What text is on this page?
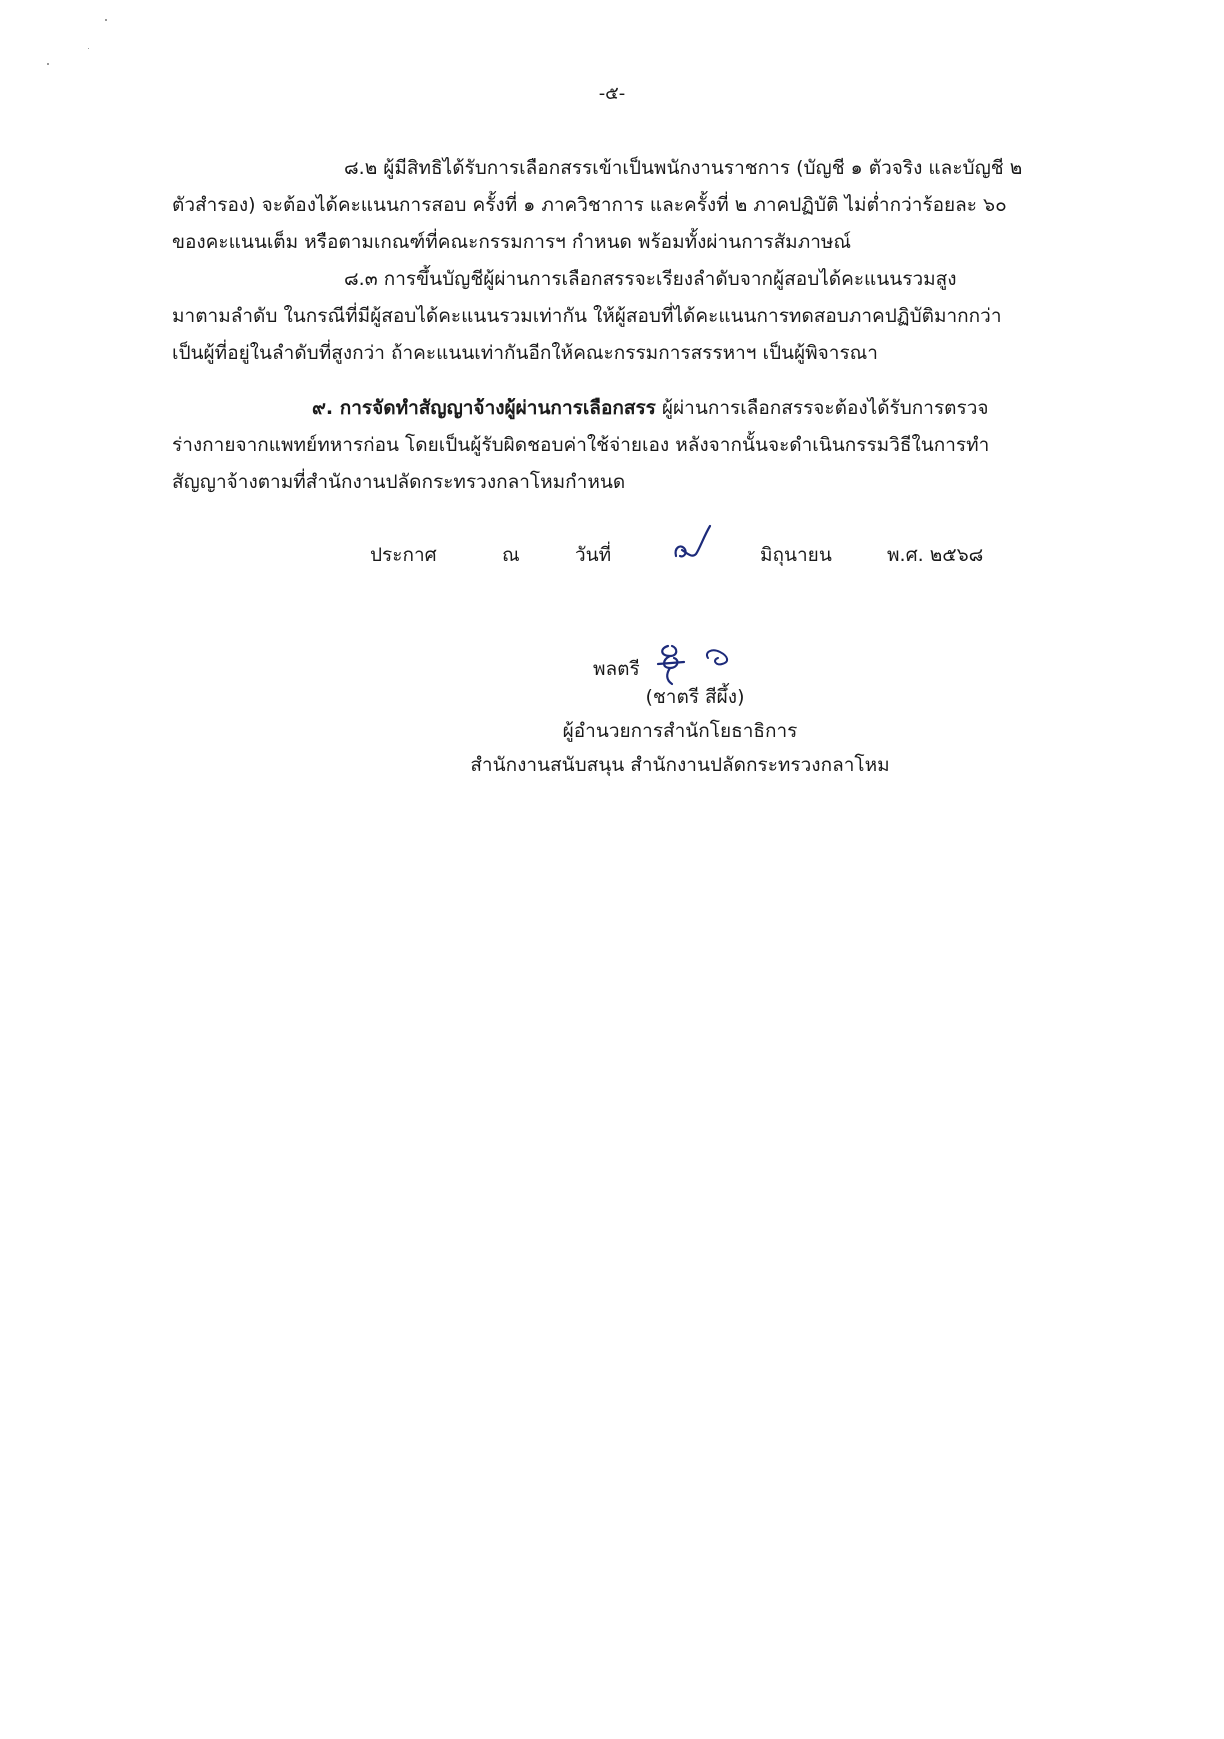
-๕-

๘.๒ ผู้มีสิทธิได้รับการเลือกสรรเข้าเป็นพนักงานราชการ (บัญชี ๑ ตัวจริง และบัญชี ๒
ตัวสำรอง) จะต้องได้คะแนนการสอบ ครั้งที่ ๑ ภาควิชาการ และครั้งที่ ๒ ภาคปฏิบัติ ไม่ต่ำกว่าร้อยละ ๖๐
ของคะแนนเต็ม หรือตามเกณฑ์ที่คณะกรรมการฯ กำหนด พร้อมทั้งผ่านการสัมภาษณ์

๘.๓ การขึ้นบัญชีผู้ผ่านการเลือกสรรจะเรียงลำดับจากผู้สอบได้คะแนนรวมสูง
มาตามลำดับ ในกรณีที่มีผู้สอบได้คะแนนรวมเท่ากัน ให้ผู้สอบที่ได้คะแนนการทดสอบภาคปฏิบัติมากกว่า
เป็นผู้ที่อยู่ในลำดับที่สูงกว่า ถ้าคะแนนเท่ากันอีกให้คณะกรรมการสรรหาฯ เป็นผู้พิจารณา

๙. การจัดทำสัญญาจ้างผู้ผ่านการเลือกสรร ผู้ผ่านการเลือกสรรจะต้องได้รับการตรวจ
ร่างกายจากแพทย์ทหารก่อน โดยเป็นผู้รับผิดชอบค่าใช้จ่ายเอง หลังจากนั้นจะดำเนินกรรมวิธีในการทำ
สัญญาจ้างตามที่สำนักงานปลัดกระทรวงกลาโหมกำหนด

ประกาศ	ณ	วันที่	มิถุนายน	พ.ศ. ๒๕๖๘
พลตรี
(ชาตรี สีผึ้ง)
ผู้อำนวยการสำนักโยธาธิการ
สำนักงานสนับสนุน สำนักงานปลัดกระทรวงกลาโหม
